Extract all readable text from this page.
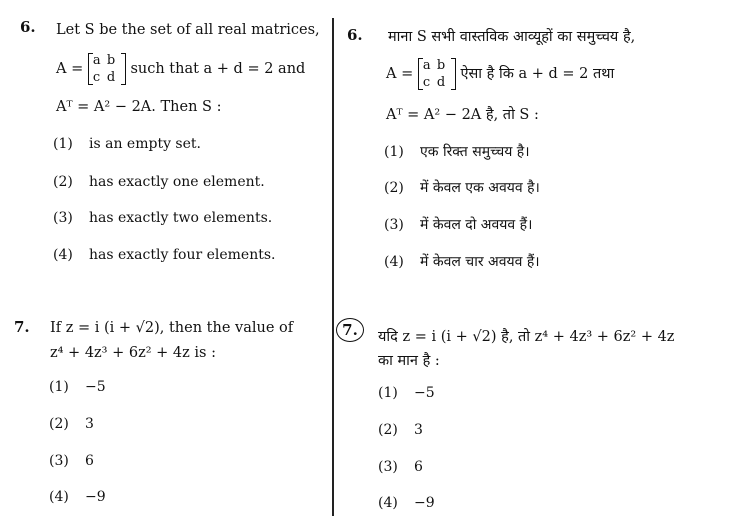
6. Let S be the set of all real matrices,
A =
a b
c d
such that a + d = 2 and
Aᵀ = A² − 2A. Then S :
(1) is an empty set.
(2) has exactly one element.
(3) has exactly two elements.
(4) has exactly four elements.
6. माना S सभी वास्तविक आव्यूहों का समुच्चय है,
A =
a b
c d
ऐसा है कि a + d = 2 तथा
Aᵀ = A² − 2A है, तो S :
(1) एक रिक्त समुच्चय है।
(2) में केवल एक अवयव है।
(3) में केवल दो अवयव हैं।
(4) में केवल चार अवयव हैं।
7. If z = i (i + √2), then the value of
z⁴ + 4z³ + 6z² + 4z is :
(1) −5
(2) 3
(3) 6
(4) −9
7.	यदि z = i (i + √2) है, तो z⁴ + 4z³ + 6z² + 4z
का मान है :
(1) −5
(2) 3
(3) 6
(4) −9
